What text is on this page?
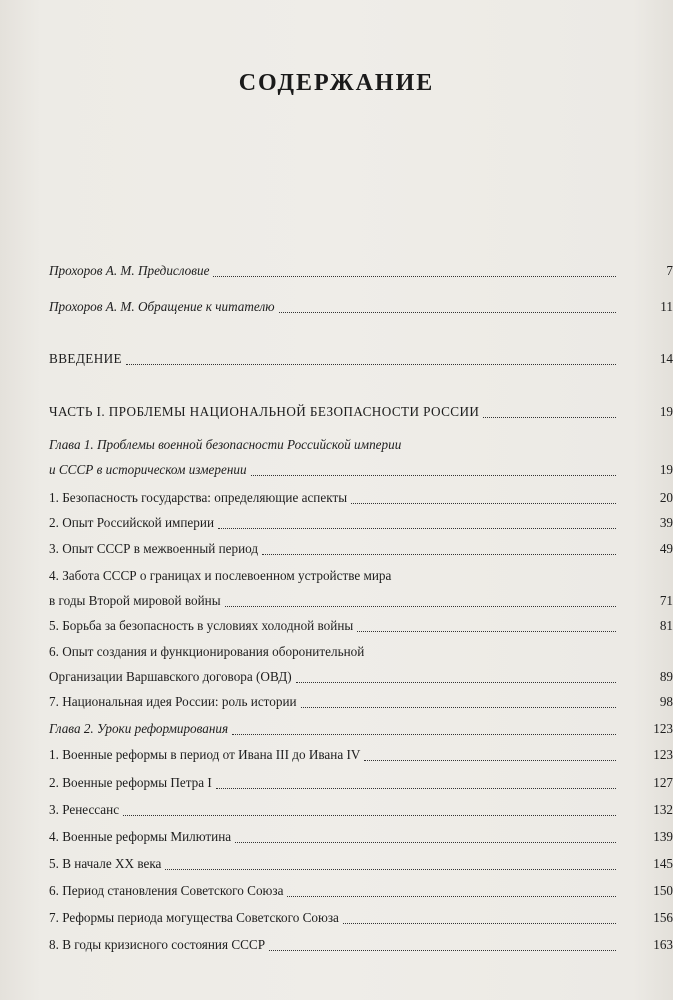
СОДЕРЖАНИЕ
Прохоров А. М. Предисловие	7
Прохоров А. М. Обращение к читателю	11
ВВЕДЕНИЕ	14
ЧАСТЬ I. ПРОБЛЕМЫ НАЦИОНАЛЬНОЙ БЕЗОПАСНОСТИ РОССИИ	19
Глава 1. Проблемы военной безопасности Российской империи
и СССР в историческом измерении	19
1. Безопасность государства: определяющие аспекты	20
2. Опыт Российской империи	39
3. Опыт СССР в межвоенный период	49
4. Забота СССР о границах и послевоенном устройстве мира
в годы Второй мировой войны	71
5. Борьба за безопасность в условиях холодной войны	81
6. Опыт создания и функционирования оборонительной
Организации Варшавского договора (ОВД)	89
7. Национальная идея России: роль истории	98
Глава 2. Уроки реформирования	123
1. Военные реформы в период от Ивана III до Ивана IV	123
2. Военные реформы Петра I	127
3. Ренессанс	132
4. Военные реформы Милютина	139
5. В начале XX века	145
6. Период становления Советского Союза	150
7. Реформы периода могущества Советского Союза	156
8. В годы кризисного состояния СССР	163
